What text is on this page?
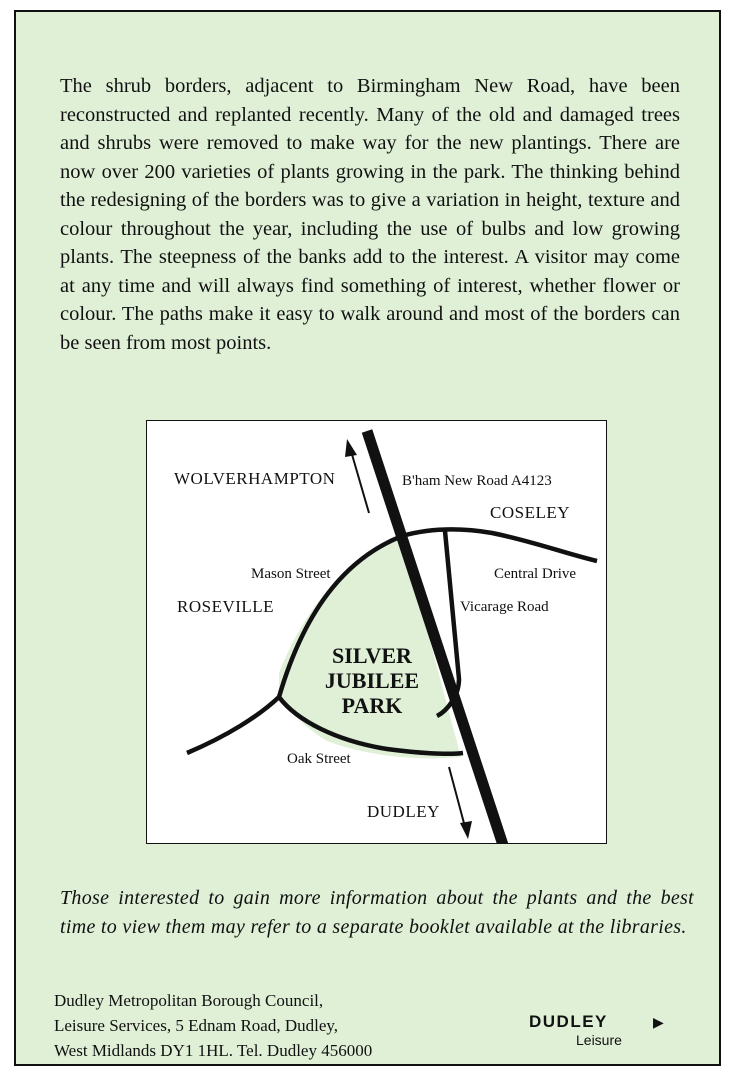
The shrub borders, adjacent to Birmingham New Road, have been reconstructed and replanted recently. Many of the old and damaged trees and shrubs were removed to make way for the new plantings. There are now over 200 varieties of plants growing in the park. The thinking behind the redesigning of the borders was to give a variation in height, texture and colour throughout the year, including the use of bulbs and low growing plants. The steepness of the banks add to the interest. A visitor may come at any time and will always find something of interest, whether flower or colour. The paths make it easy to walk around and most of the borders can be seen from most points.

WOLVERHAMPTON	B'ham New Road A4123
COSELEY
Mason Street	Central Drive
ROSEVILLE	Vicarage Road
SILVER
JUBILEE
PARK
Oak Street
DUDLEY

Those interested to gain more information about the plants and the best time to view them may refer to a separate booklet available at the libraries.

Dudley Metropolitan Borough Council,
Leisure Services, 5 Ednam Road, Dudley,
West Midlands DY1 1HL. Tel. Dudley 456000
DUDLEY	▶
Leisure
